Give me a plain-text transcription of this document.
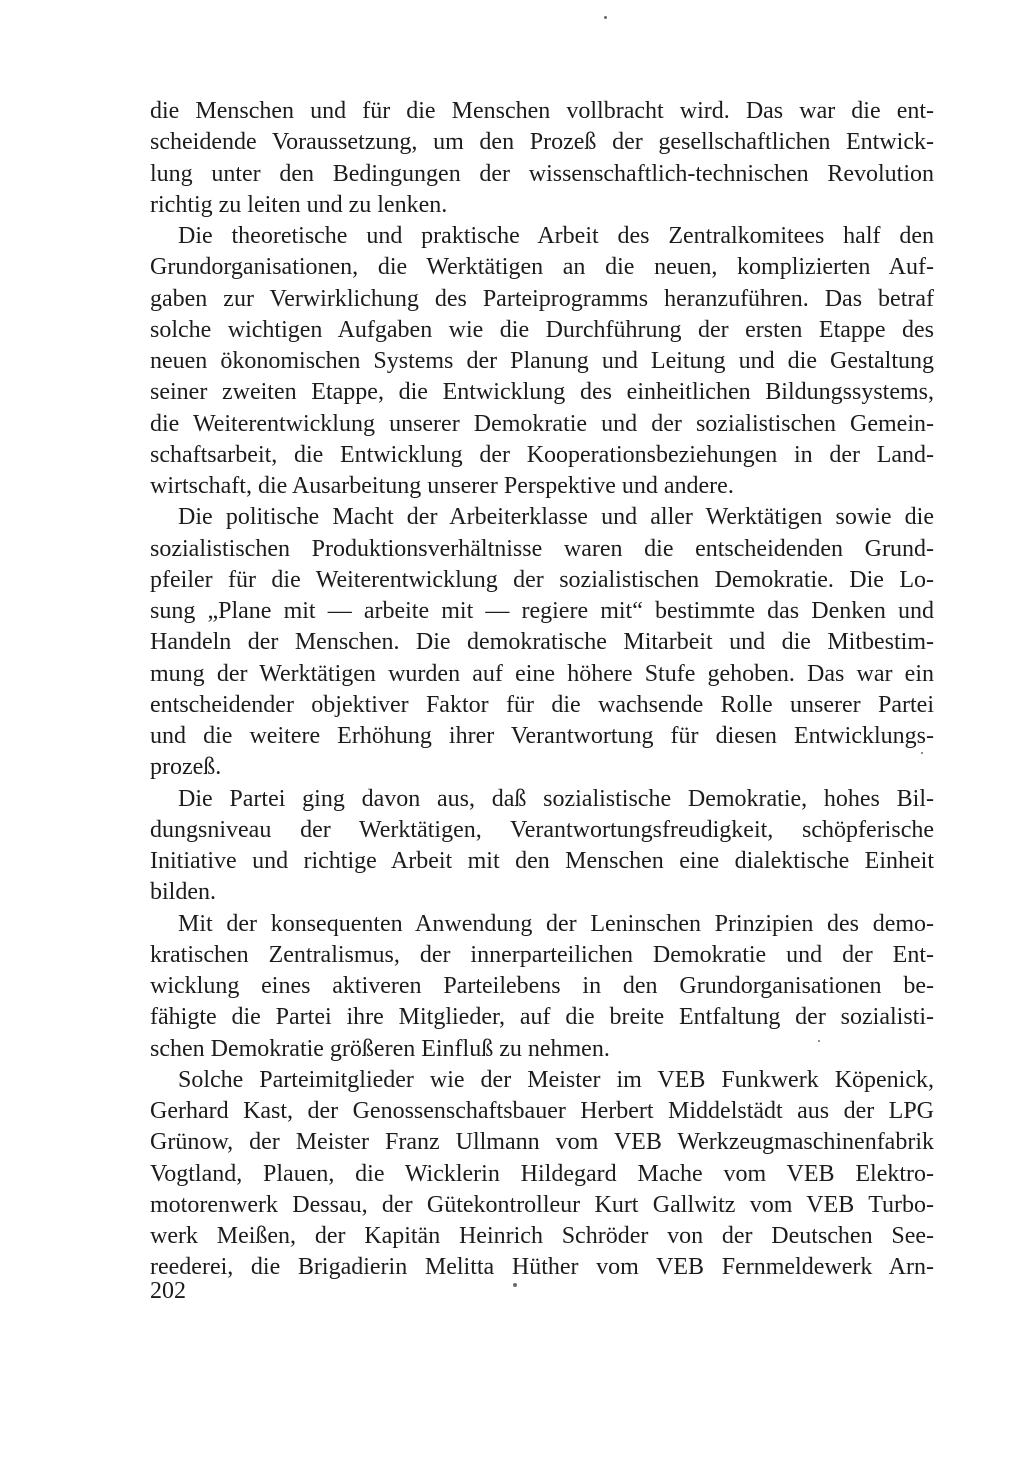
die Menschen und für die Menschen vollbracht wird. Das war die ent-
scheidende Voraussetzung, um den Prozeß der gesellschaftlichen Entwick-
lung unter den Bedingungen der wissenschaftlich-technischen Revolution
richtig zu leiten und zu lenken.
Die theoretische und praktische Arbeit des Zentralkomitees half den
Grundorganisationen, die Werktätigen an die neuen, komplizierten Auf-
gaben zur Verwirklichung des Parteiprogramms heranzuführen. Das betraf
solche wichtigen Aufgaben wie die Durchführung der ersten Etappe des
neuen ökonomischen Systems der Planung und Leitung und die Gestaltung
seiner zweiten Etappe, die Entwicklung des einheitlichen Bildungssystems,
die Weiterentwicklung unserer Demokratie und der sozialistischen Gemein-
schaftsarbeit, die Entwicklung der Kooperationsbeziehungen in der Land-
wirtschaft, die Ausarbeitung unserer Perspektive und andere.
Die politische Macht der Arbeiterklasse und aller Werktätigen sowie die
sozialistischen Produktionsverhältnisse waren die entscheidenden Grund-
pfeiler für die Weiterentwicklung der sozialistischen Demokratie. Die Lo-
sung „Plane mit — arbeite mit — regiere mit“ bestimmte das Denken und
Handeln der Menschen. Die demokratische Mitarbeit und die Mitbestim-
mung der Werktätigen wurden auf eine höhere Stufe gehoben. Das war ein
entscheidender objektiver Faktor für die wachsende Rolle unserer Partei
und die weitere Erhöhung ihrer Verantwortung für diesen Entwicklungs-
prozeß.
Die Partei ging davon aus, daß sozialistische Demokratie, hohes Bil-
dungsniveau der Werktätigen, Verantwortungsfreudigkeit, schöpferische
Initiative und richtige Arbeit mit den Menschen eine dialektische Einheit
bilden.
Mit der konsequenten Anwendung der Leninschen Prinzipien des demo-
kratischen Zentralismus, der innerparteilichen Demokratie und der Ent-
wicklung eines aktiveren Parteilebens in den Grundorganisationen be-
fähigte die Partei ihre Mitglieder, auf die breite Entfaltung der sozialisti-
schen Demokratie größeren Einfluß zu nehmen.
Solche Parteimitglieder wie der Meister im VEB Funkwerk Köpenick,
Gerhard Kast, der Genossenschaftsbauer Herbert Middelstädt aus der LPG
Grünow, der Meister Franz Ullmann vom VEB Werkzeugmaschinenfabrik
Vogtland, Plauen, die Wicklerin Hildegard Mache vom VEB Elektro-
motorenwerk Dessau, der Gütekontrolleur Kurt Gallwitz vom VEB Turbo-
werk Meißen, der Kapitän Heinrich Schröder von der Deutschen See-
reederei, die Brigadierin Melitta Hüther vom VEB Fernmeldewerk Arn-
202
